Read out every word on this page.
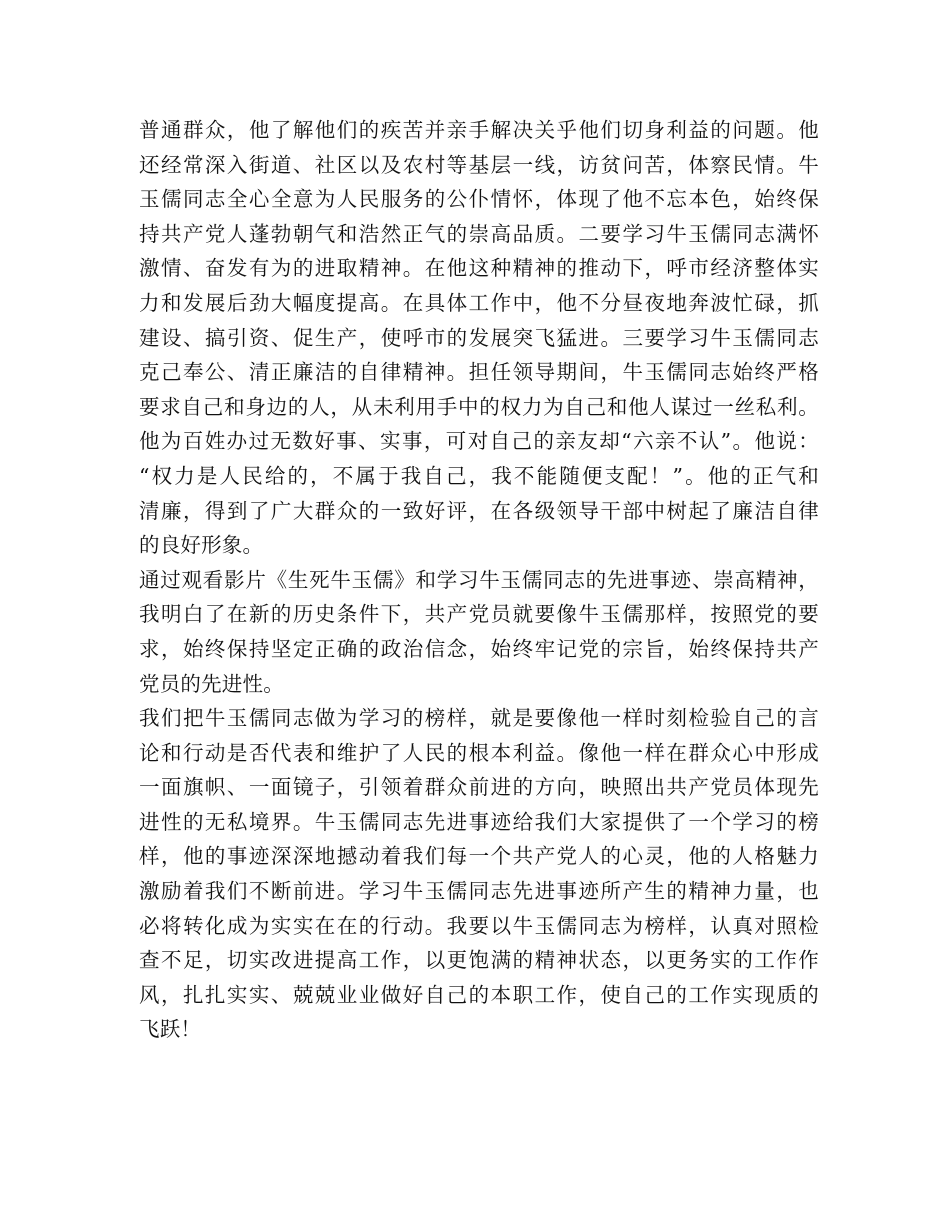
普通群众，他了解他们的疾苦并亲手解决关乎他们切身利益的问题。他
还经常深入街道、社区以及农村等基层一线，访贫问苦，体察民情。牛
玉儒同志全心全意为人民服务的公仆情怀，体现了他不忘本色，始终保
持共产党人蓬勃朝气和浩然正气的崇高品质。二要学习牛玉儒同志满怀
激情、奋发有为的进取精神。在他这种精神的推动下，呼市经济整体实
力和发展后劲大幅度提高。在具体工作中，他不分昼夜地奔波忙碌，抓
建设、搞引资、促生产，使呼市的发展突飞猛进。三要学习牛玉儒同志
克己奉公、清正廉洁的自律精神。担任领导期间，牛玉儒同志始终严格
要求自己和身边的人，从未利用手中的权力为自己和他人谋过一丝私利。
他为百姓办过无数好事、实事，可对自己的亲友却“六亲不认”。他说：
“权力是人民给的，不属于我自己，我不能随便支配！”。他的正气和
清廉，得到了广大群众的一致好评，在各级领导干部中树起了廉洁自律
的良好形象。
通过观看影片《生死牛玉儒》和学习牛玉儒同志的先进事迹、崇高精神，
我明白了在新的历史条件下，共产党员就要像牛玉儒那样，按照党的要
求，始终保持坚定正确的政治信念，始终牢记党的宗旨，始终保持共产
党员的先进性。
我们把牛玉儒同志做为学习的榜样，就是要像他一样时刻检验自己的言
论和行动是否代表和维护了人民的根本利益。像他一样在群众心中形成
一面旗帜、一面镜子，引领着群众前进的方向，映照出共产党员体现先
进性的无私境界。牛玉儒同志先进事迹给我们大家提供了一个学习的榜
样，他的事迹深深地撼动着我们每一个共产党人的心灵，他的人格魅力
激励着我们不断前进。学习牛玉儒同志先进事迹所产生的精神力量，也
必将转化成为实实在在的行动。我要以牛玉儒同志为榜样，认真对照检
查不足，切实改进提高工作，以更饱满的精神状态，以更务实的工作作
风，扎扎实实、兢兢业业做好自己的本职工作，使自己的工作实现质的
飞跃！
